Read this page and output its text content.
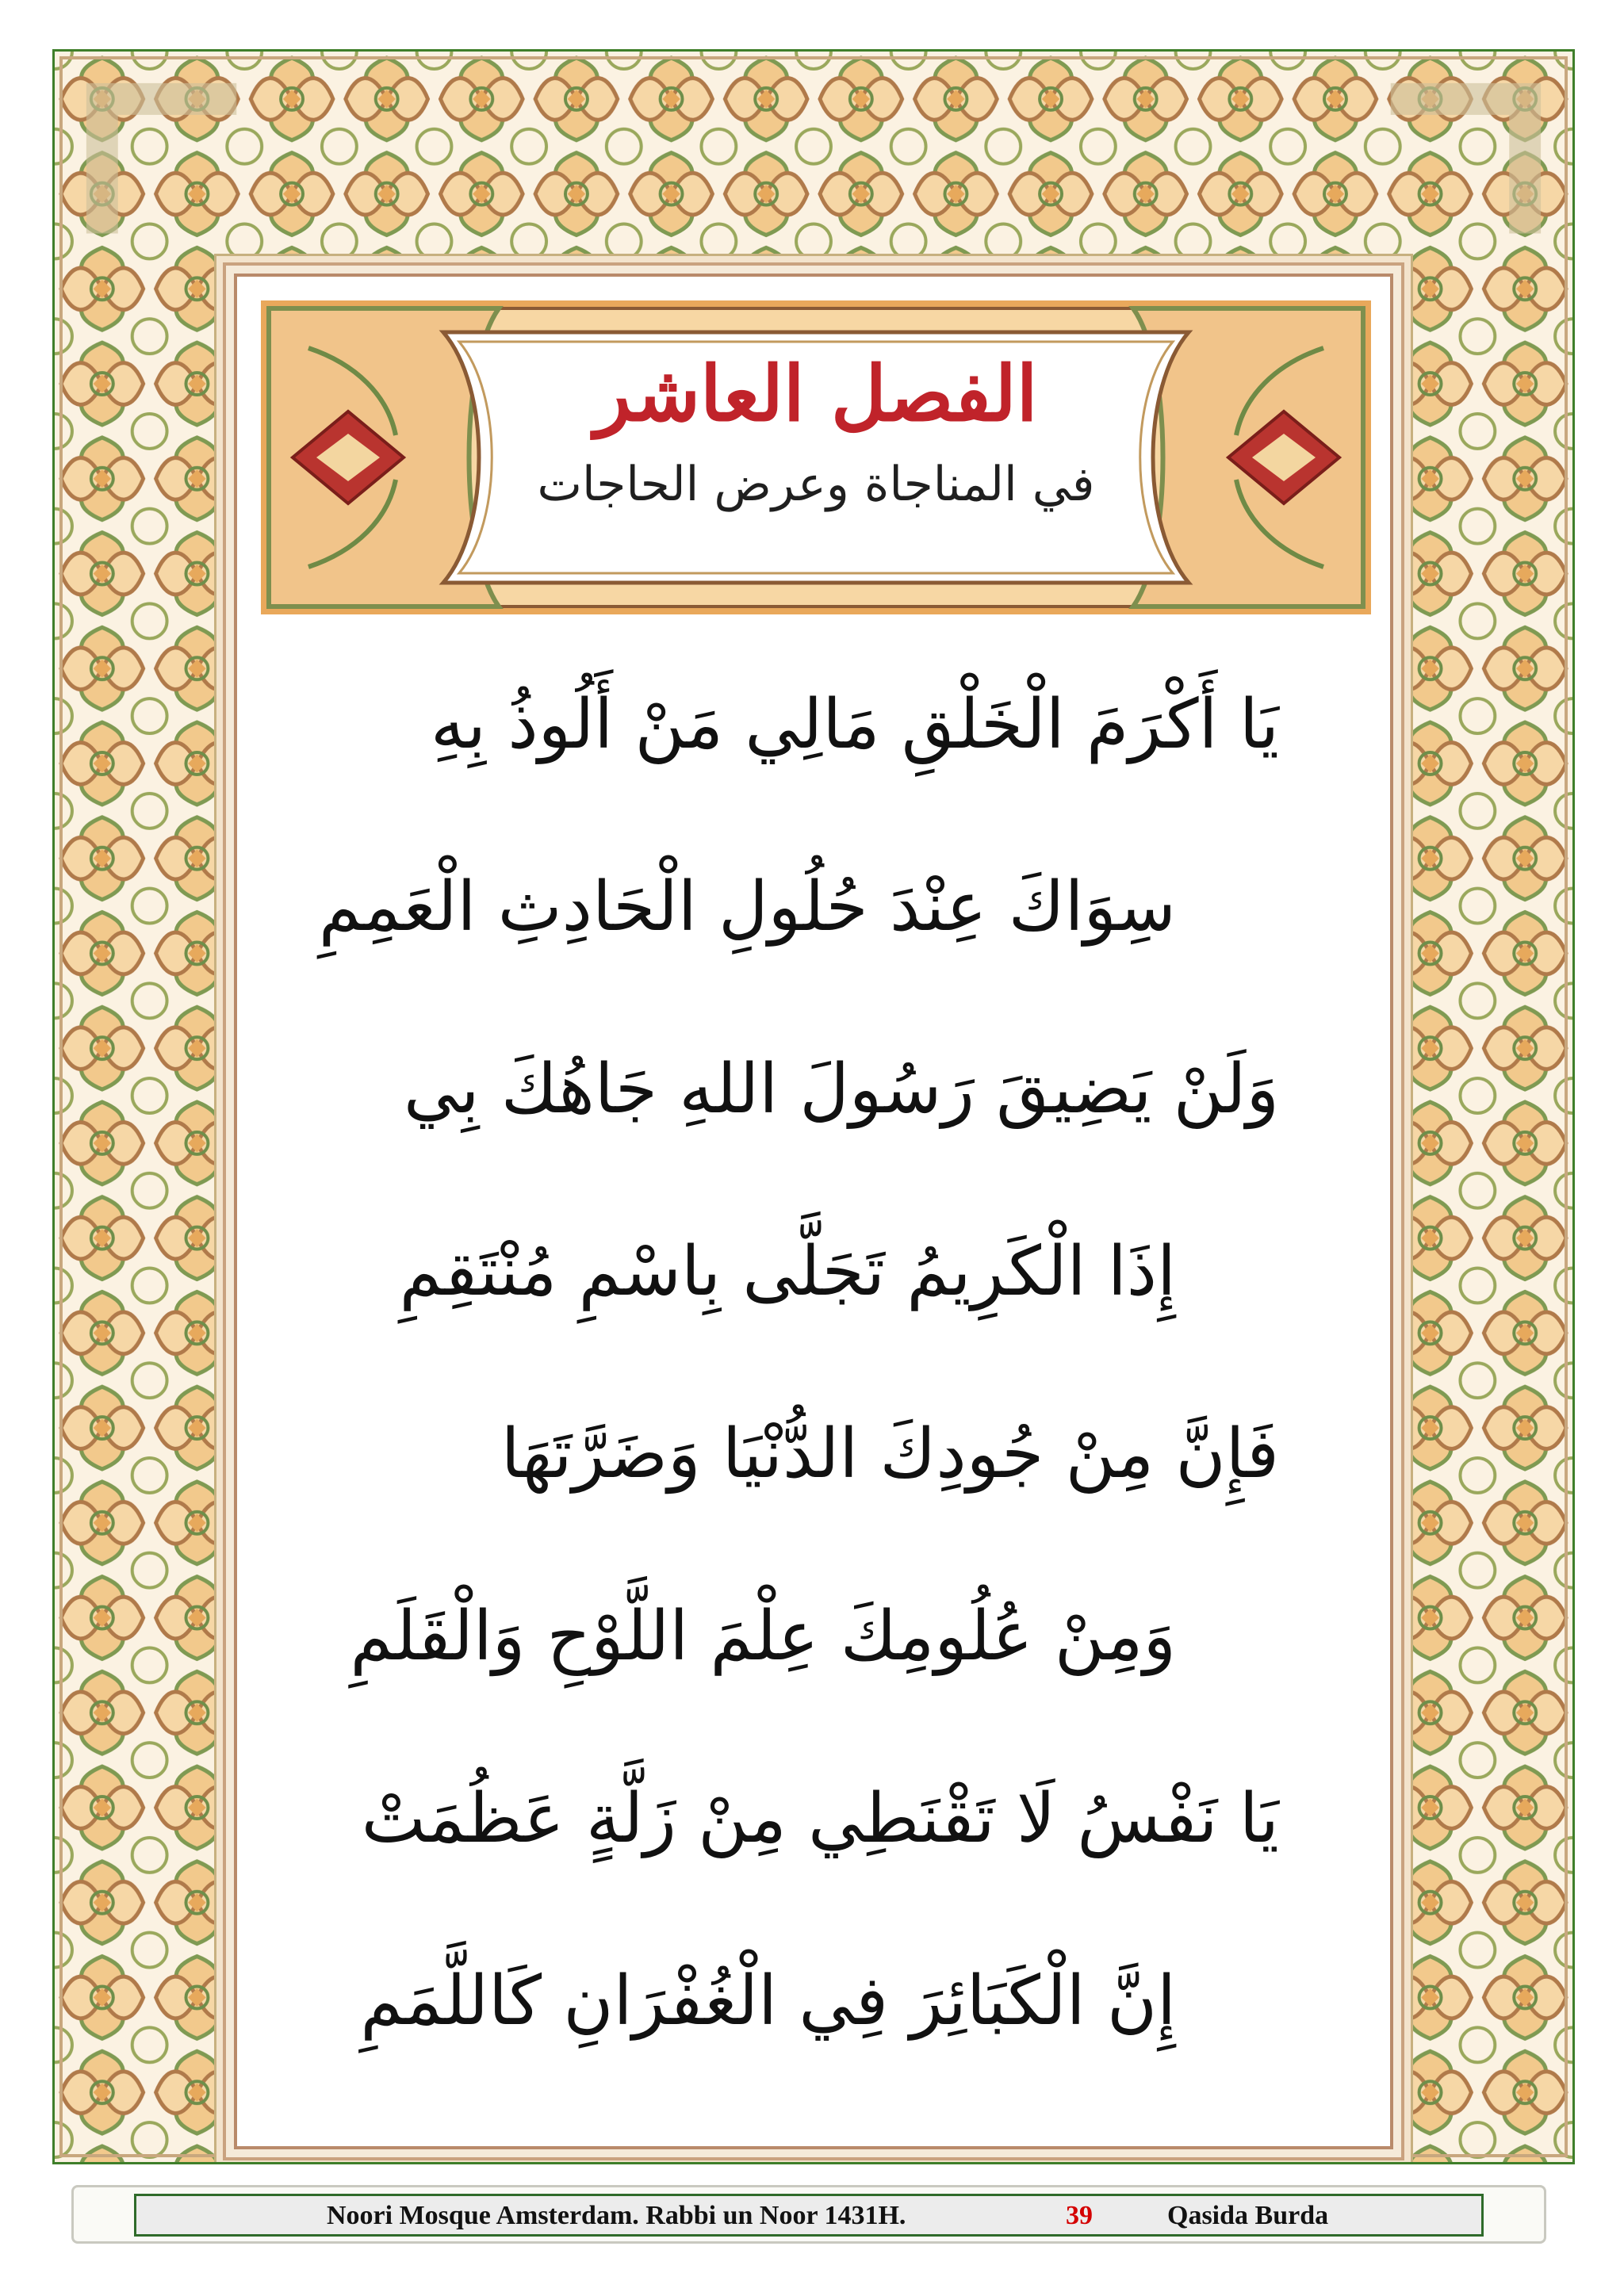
الفصل العاشر
في المناجاة وعرض الحاجات
يَا أَكْرَمَ الْخَلْقِ مَالِي مَنْ أَلُوذُ بِهِ
سِوَاكَ عِنْدَ حُلُولِ الْحَادِثِ الْعَمِمِ
وَلَنْ يَضِيقَ رَسُولَ اللهِ جَاهُكَ بِي
إِذَا الْكَرِيمُ تَجَلَّى بِاسْمِ مُنْتَقِمِ
فَإِنَّ مِنْ جُودِكَ الدُّنْيَا وَضَرَّتَهَا
وَمِنْ عُلُومِكَ عِلْمَ اللَّوْحِ وَالْقَلَمِ
يَا نَفْسُ لَا تَقْنَطِي مِنْ زَلَّةٍ عَظُمَتْ
إِنَّ الْكَبَائِرَ فِي الْغُفْرَانِ كَاللَّمَمِ
Noori Mosque Amsterdam. Rabbi un Noor 1431H.	39	Qasida Burda
